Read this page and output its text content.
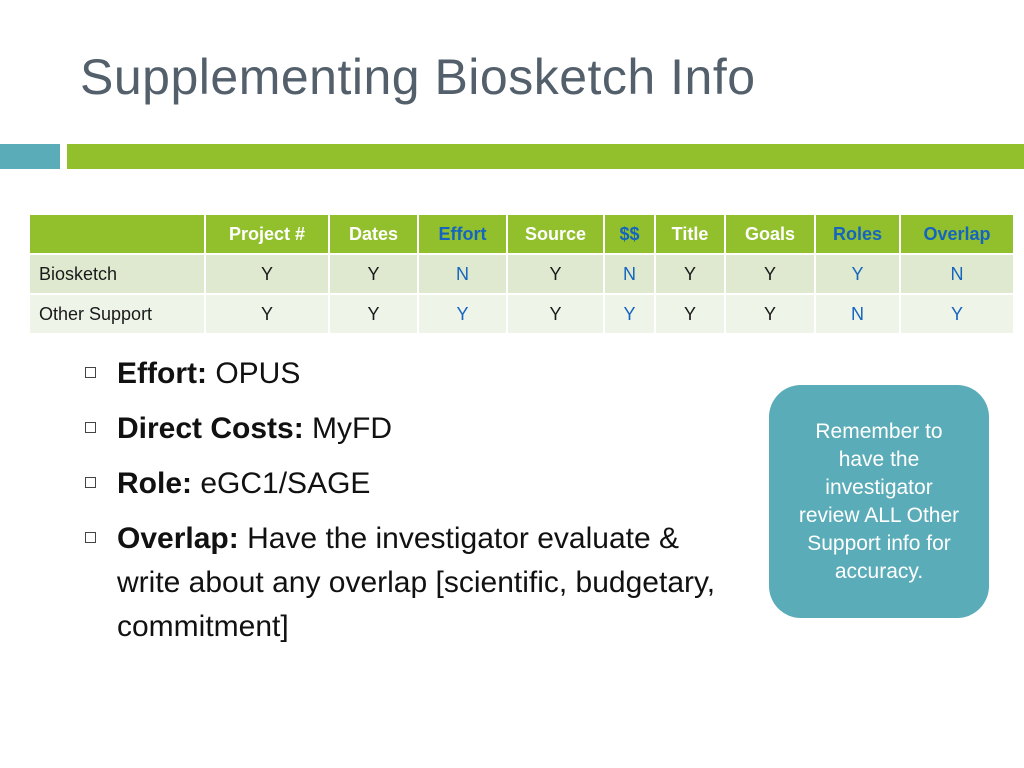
Supplementing Biosketch Info
	Project #	Dates	Effort	Source	$$	Title	Goals	Roles	Overlap
Biosketch	Y	Y	N	Y	N	Y	Y	Y	N
Other Support	Y	Y	Y	Y	Y	Y	Y	N	Y
Effort: OPUS
Direct Costs: MyFD
Role: eGC1/SAGE
Overlap: Have the investigator evaluate & write about any overlap [scientific, budgetary, commitment]
Remember to have the investigator review ALL Other Support info for accuracy.
